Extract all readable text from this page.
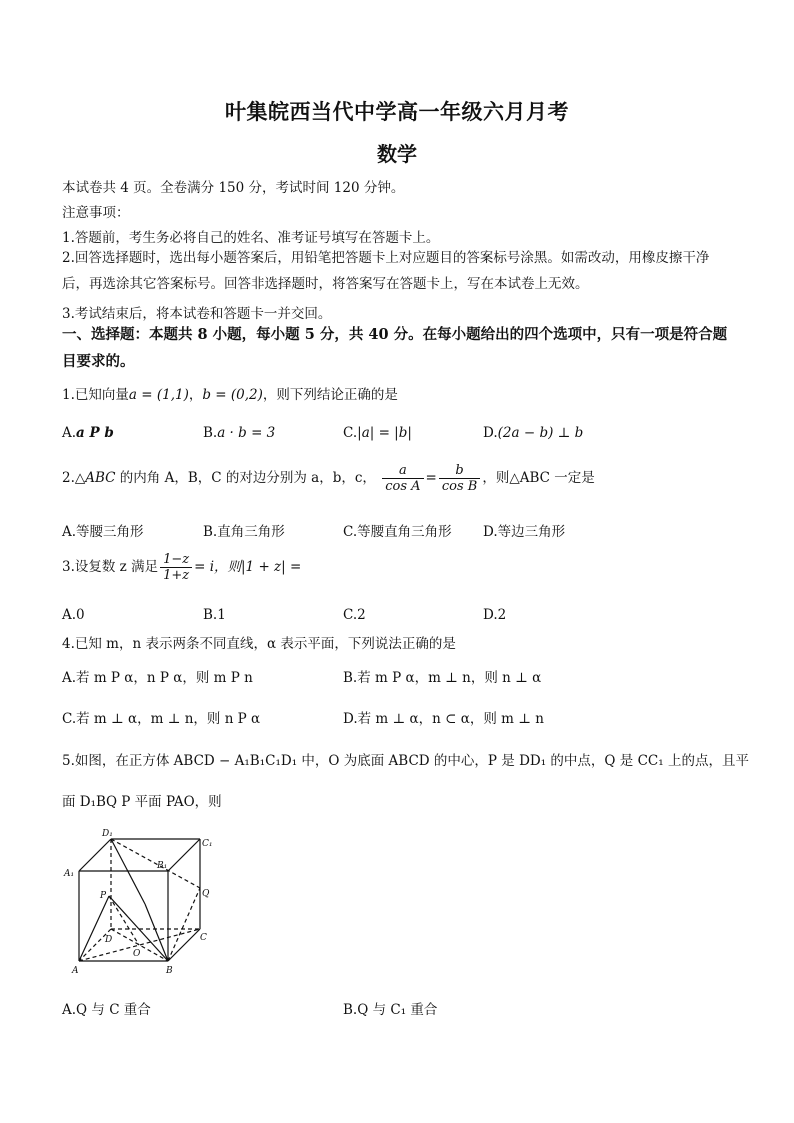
叶集皖西当代中学高一年级六月月考
数学
本试卷共 4 页。全卷满分 150 分，考试时间 120 分钟。
注意事项：
1.答题前，考生务必将自己的姓名、准考证号填写在答题卡上。
2.回答选择题时，选出每小题答案后，用铅笔把答题卡上对应题目的答案标号涂黑。如需改动，用橡皮擦干净后，再选涂其它答案标号。回答非选择题时，将答案写在答题卡上，写在本试卷上无效。
3.考试结束后，将本试卷和答题卡一并交回。
一、选择题：本题共 8 小题，每小题 5 分，共 40 分。在每小题给出的四个选项中，只有一项是符合题目要求的。
1.已知向量a = (1,1)，b = (0,2)，则下列结论正确的是
A.a P b	B.a · b = 3	C.|a| = |b|	D.(2a − b) ⊥ b
2.△ABC 的内角 A，B，C 的对边分别为 a，b，c， $\frac{a}{\text{cos A}} = \frac{b}{\text{cos B}}$ ，则△ABC 一定是
A.等腰三角形	B.直角三角形	C.等腰直角三角形 D.等边三角形
3.设复数 z 满足 $\frac{1-z}{1+z} = i$，则|1 + z| =
A.0	B.1	C.2	D.2
4.已知 m，n 表示两条不同直线，α 表示平面，下列说法正确的是
A.若 m P α，n P α，则 m P n	B.若 m P α，m ⊥ n，则 n ⊥ α
C.若 m ⊥ α，m ⊥ n，则 n P α	D.若 m ⊥ α，n ⊂ α，则 m ⊥ n
5.如图，在正方体 ABCD − A₁B₁C₁D₁ 中，O 为底面 ABCD 的中心，P 是 DD₁ 的中点，Q 是 CC₁ 上的点，且平
面 D₁BQ P 平面 PAO，则
D₁
C₁
A₁
B₁
P	Q
D	C
O
A	B
A.Q 与 C 重合	B.Q 与 C₁ 重合
